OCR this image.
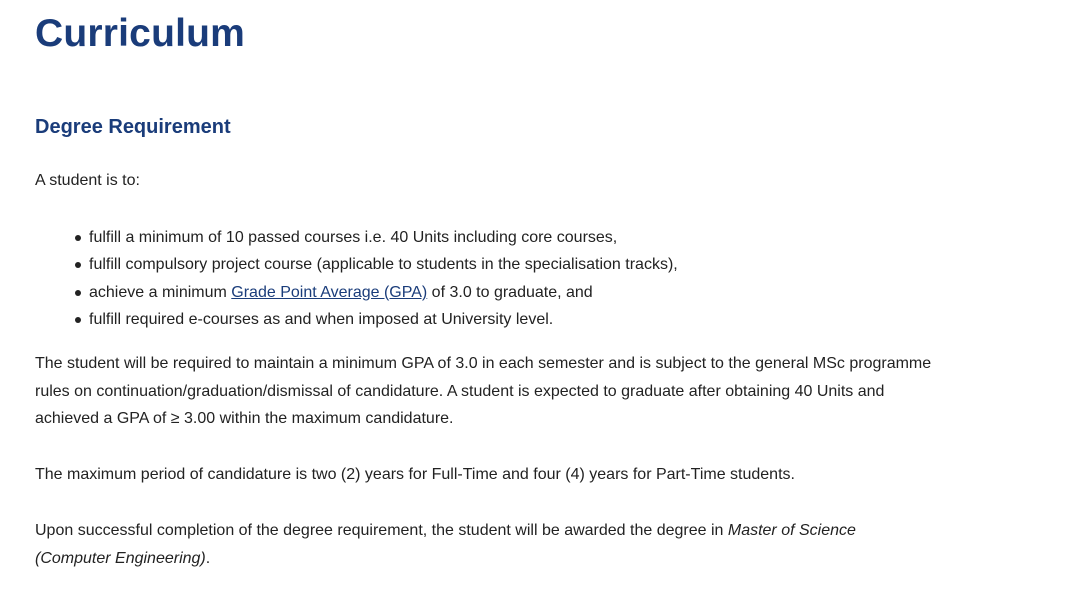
Curriculum
Degree Requirement

A student is to:

fulfill a minimum of 10 passed courses i.e. 40 Units including core courses,
fulfill compulsory project course (applicable to students in the specialisation tracks),
achieve a minimum Grade Point Average (GPA) of 3.0 to graduate, and
fulfill required e-courses as and when imposed at University level.

The student will be required to maintain a minimum GPA of 3.0 in each semester and is subject to the general MSc programme rules on continuation/graduation/dismissal of candidature. A student is expected to graduate after obtaining 40 Units and achieved a GPA of ≥ 3.00 within the maximum candidature.

The maximum period of candidature is two (2) years for Full-Time and four (4) years for Part-Time students.

Upon successful completion of the degree requirement, the student will be awarded the degree in Master of Science (Computer Engineering).
